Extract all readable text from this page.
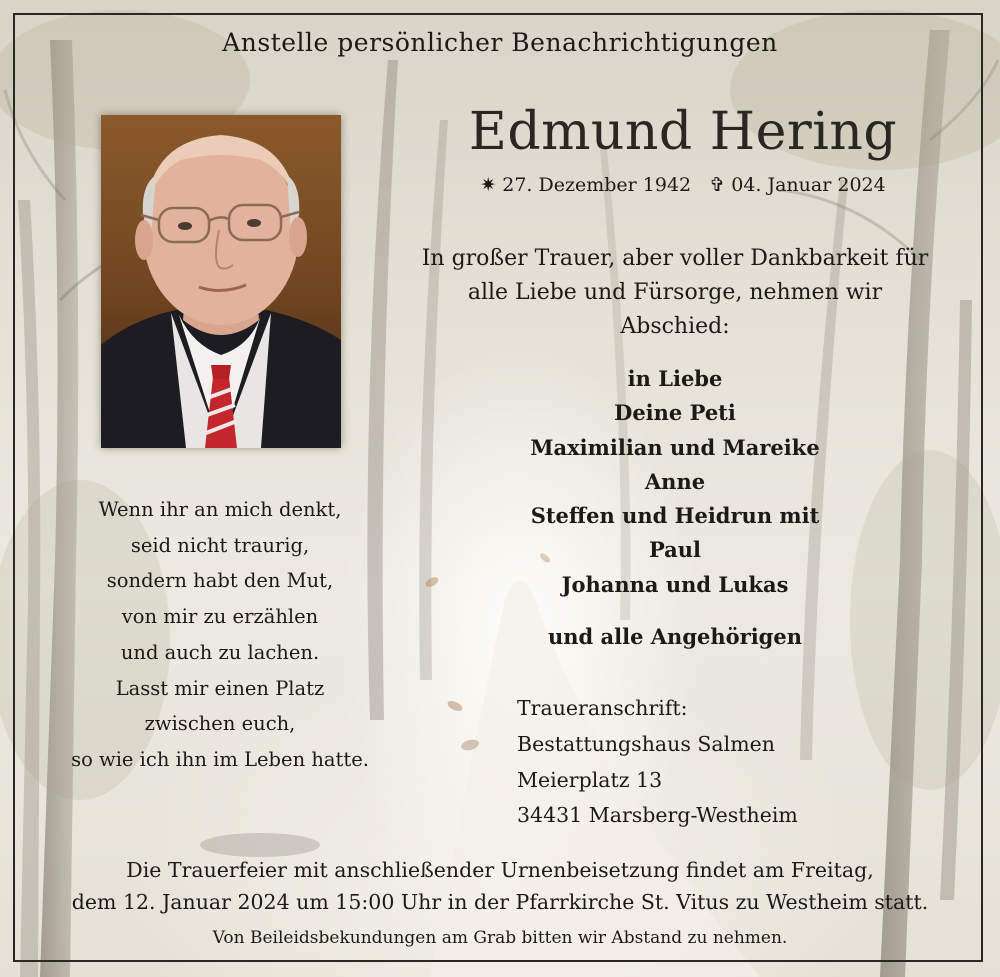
Anstelle persönlicher Benachrichtigungen
Edmund Hering
✷ 27. Dezember 1942 ✞ 04. Januar 2024
In großer Trauer, aber voller Dankbarkeit für alle Liebe und Fürsorge, nehmen wir Abschied:
in Liebe
Deine Peti
Maximilian und Mareike
Anne
Steffen und Heidrun mit
Paul
Johanna und Lukas
und alle Angehörigen
Wenn ihr an mich denkt,
seid nicht traurig,
sondern habt den Mut,
von mir zu erzählen
und auch zu lachen.
Lasst mir einen Platz
zwischen euch,
so wie ich ihn im Leben hatte.
Traueranschrift:
Bestattungshaus Salmen
Meierplatz 13
34431 Marsberg-Westheim
Die Trauerfeier mit anschließender Urnenbeisetzung findet am Freitag,
dem 12. Januar 2024 um 15:00 Uhr in der Pfarrkirche St. Vitus zu Westheim statt.
Von Beileidsbekundungen am Grab bitten wir Abstand zu nehmen.
